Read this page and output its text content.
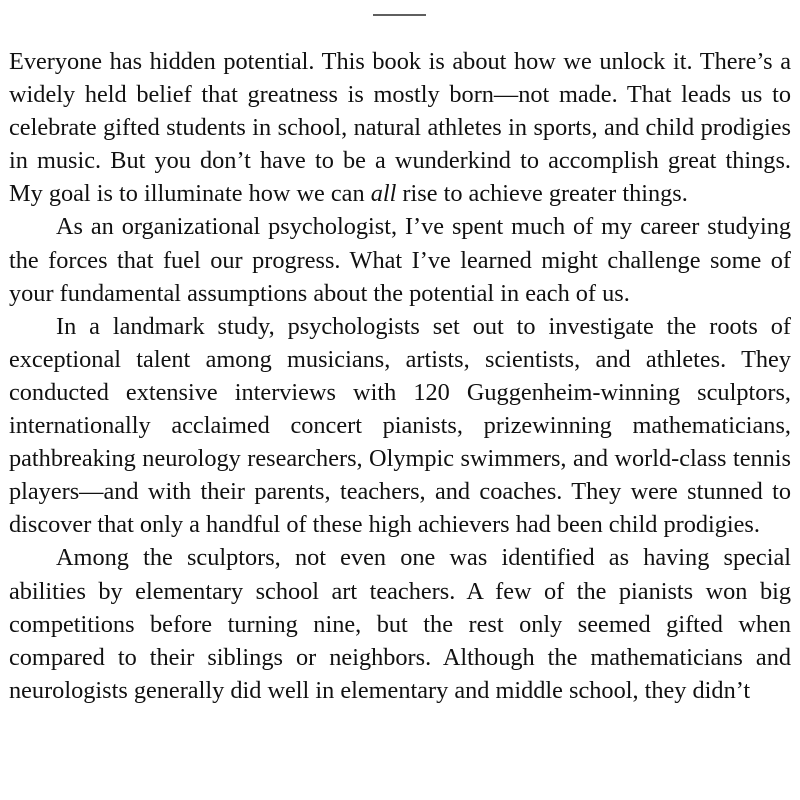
Everyone has hidden potential. This book is about how we unlock it. There’s a widely held belief that greatness is mostly born—not made. That leads us to celebrate gifted students in school, natural athletes in sports, and child prodigies in music. But you don’t have to be a wunderkind to accomplish great things. My goal is to illuminate how we can all rise to achieve greater things.

As an organizational psychologist, I’ve spent much of my career studying the forces that fuel our progress. What I’ve learned might challenge some of your fundamental assumptions about the potential in each of us.

In a landmark study, psychologists set out to investigate the roots of exceptional talent among musicians, artists, scientists, and athletes. They conducted extensive interviews with 120 Guggenheim-winning sculptors, internationally acclaimed concert pianists, prizewinning mathematicians, pathbreaking neurology researchers, Olympic swimmers, and world-class tennis players—and with their parents, teachers, and coaches. They were stunned to discover that only a handful of these high achievers had been child prodigies.

Among the sculptors, not even one was identified as having special abilities by elementary school art teachers. A few of the pianists won big competitions before turning nine, but the rest only seemed gifted when compared to their siblings or neighbors. Although the mathematicians and neurologists generally did well in elementary and middle school, they didn’t
